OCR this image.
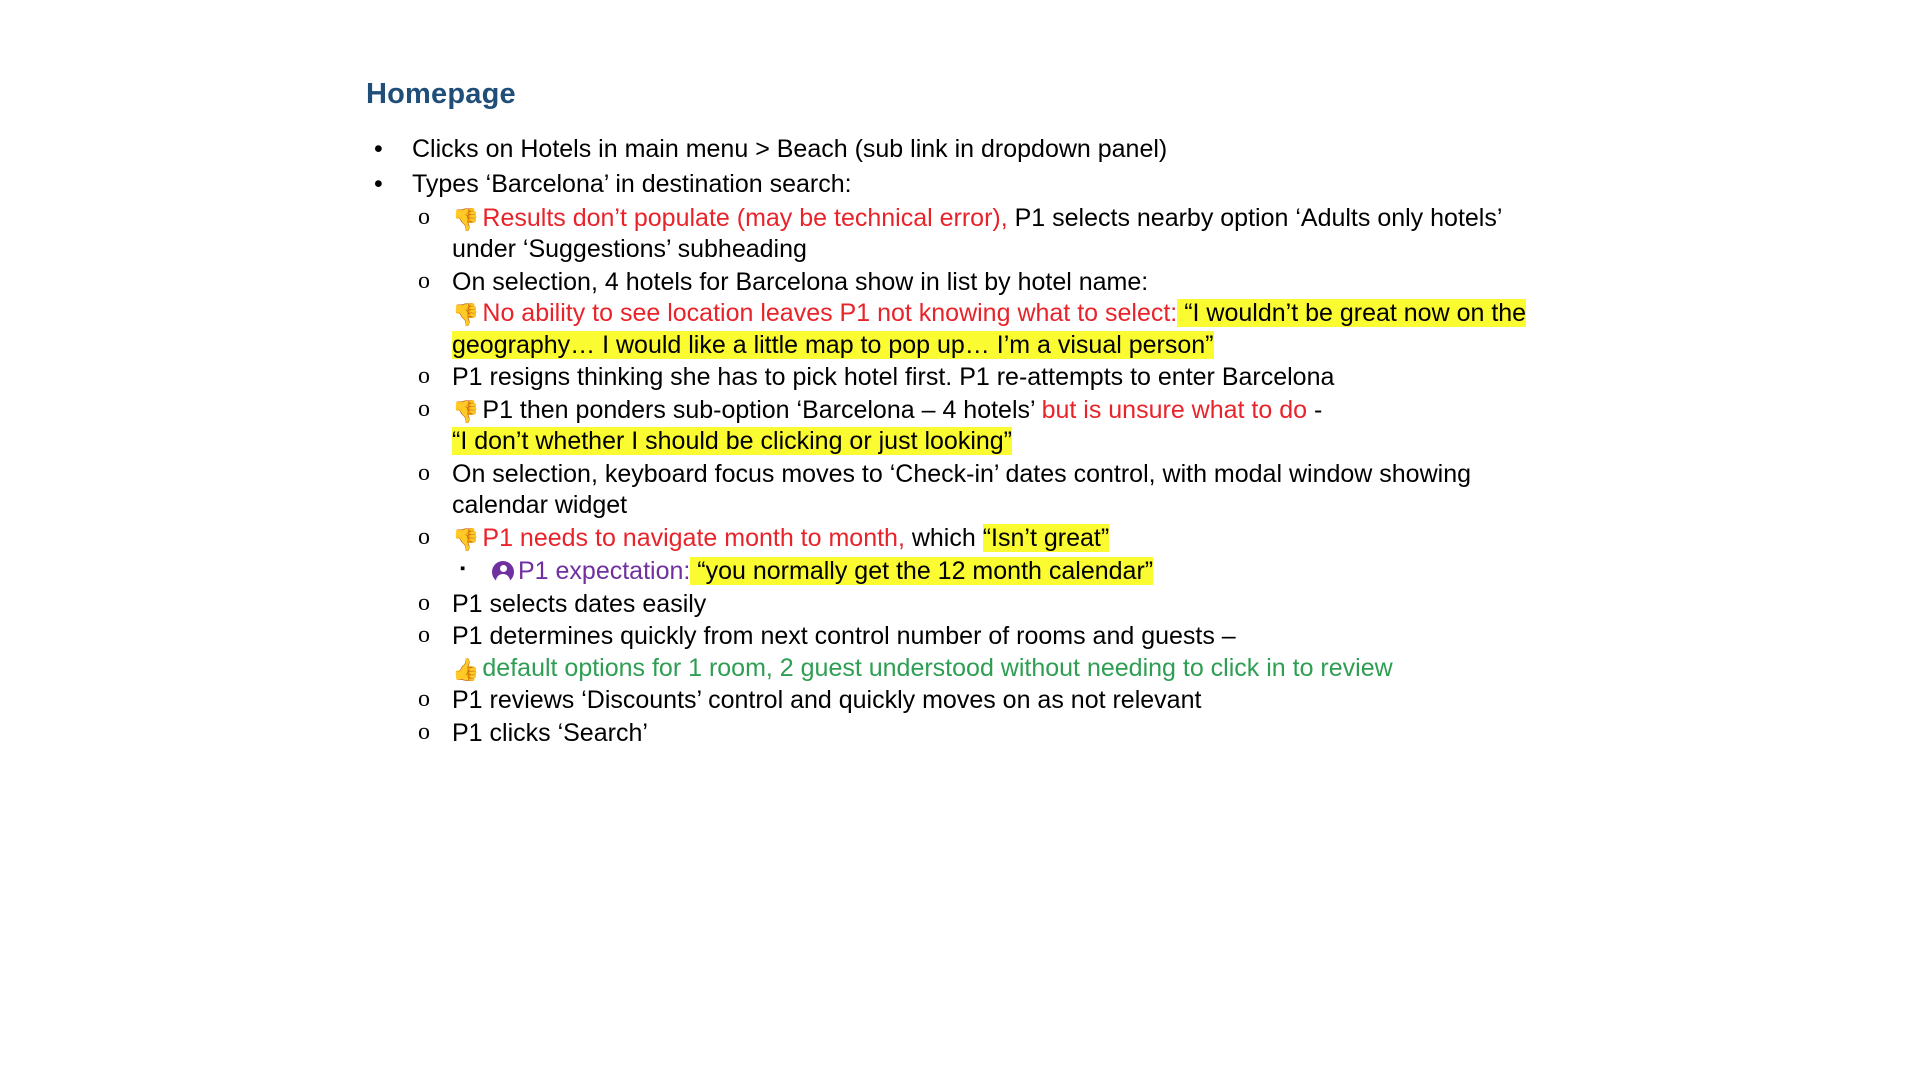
Homepage
• Clicks on Hotels in main menu > Beach (sub link in dropdown panel)
• Types ‘Barcelona’ in destination search:
o 👎 Results don’t populate (may be technical error), P1 selects nearby option ‘Adults only hotels’ under ‘Suggestions’ subheading
o On selection, 4 hotels for Barcelona show in list by hotel name:
👎 No ability to see location leaves P1 not knowing what to select: “I wouldn’t be great now on the geography… I would like a little map to pop up… I’m a visual person”
o P1 resigns thinking she has to pick hotel first. P1 re-attempts to enter Barcelona
o 👎 P1 then ponders sub-option ‘Barcelona – 4 hotels’ but is unsure what to do -
“I don’t whether I should be clicking or just looking”
o On selection, keyboard focus moves to ‘Check-in’ dates control, with modal window showing calendar widget
o 👎 P1 needs to navigate month to month, which “Isn’t great”
▪ P1 expectation: “you normally get the 12 month calendar”
o P1 selects dates easily
o P1 determines quickly from next control number of rooms and guests –
👍 default options for 1 room, 2 guest understood without needing to click in to review
o P1 reviews ‘Discounts’ control and quickly moves on as not relevant
o P1 clicks ‘Search’
